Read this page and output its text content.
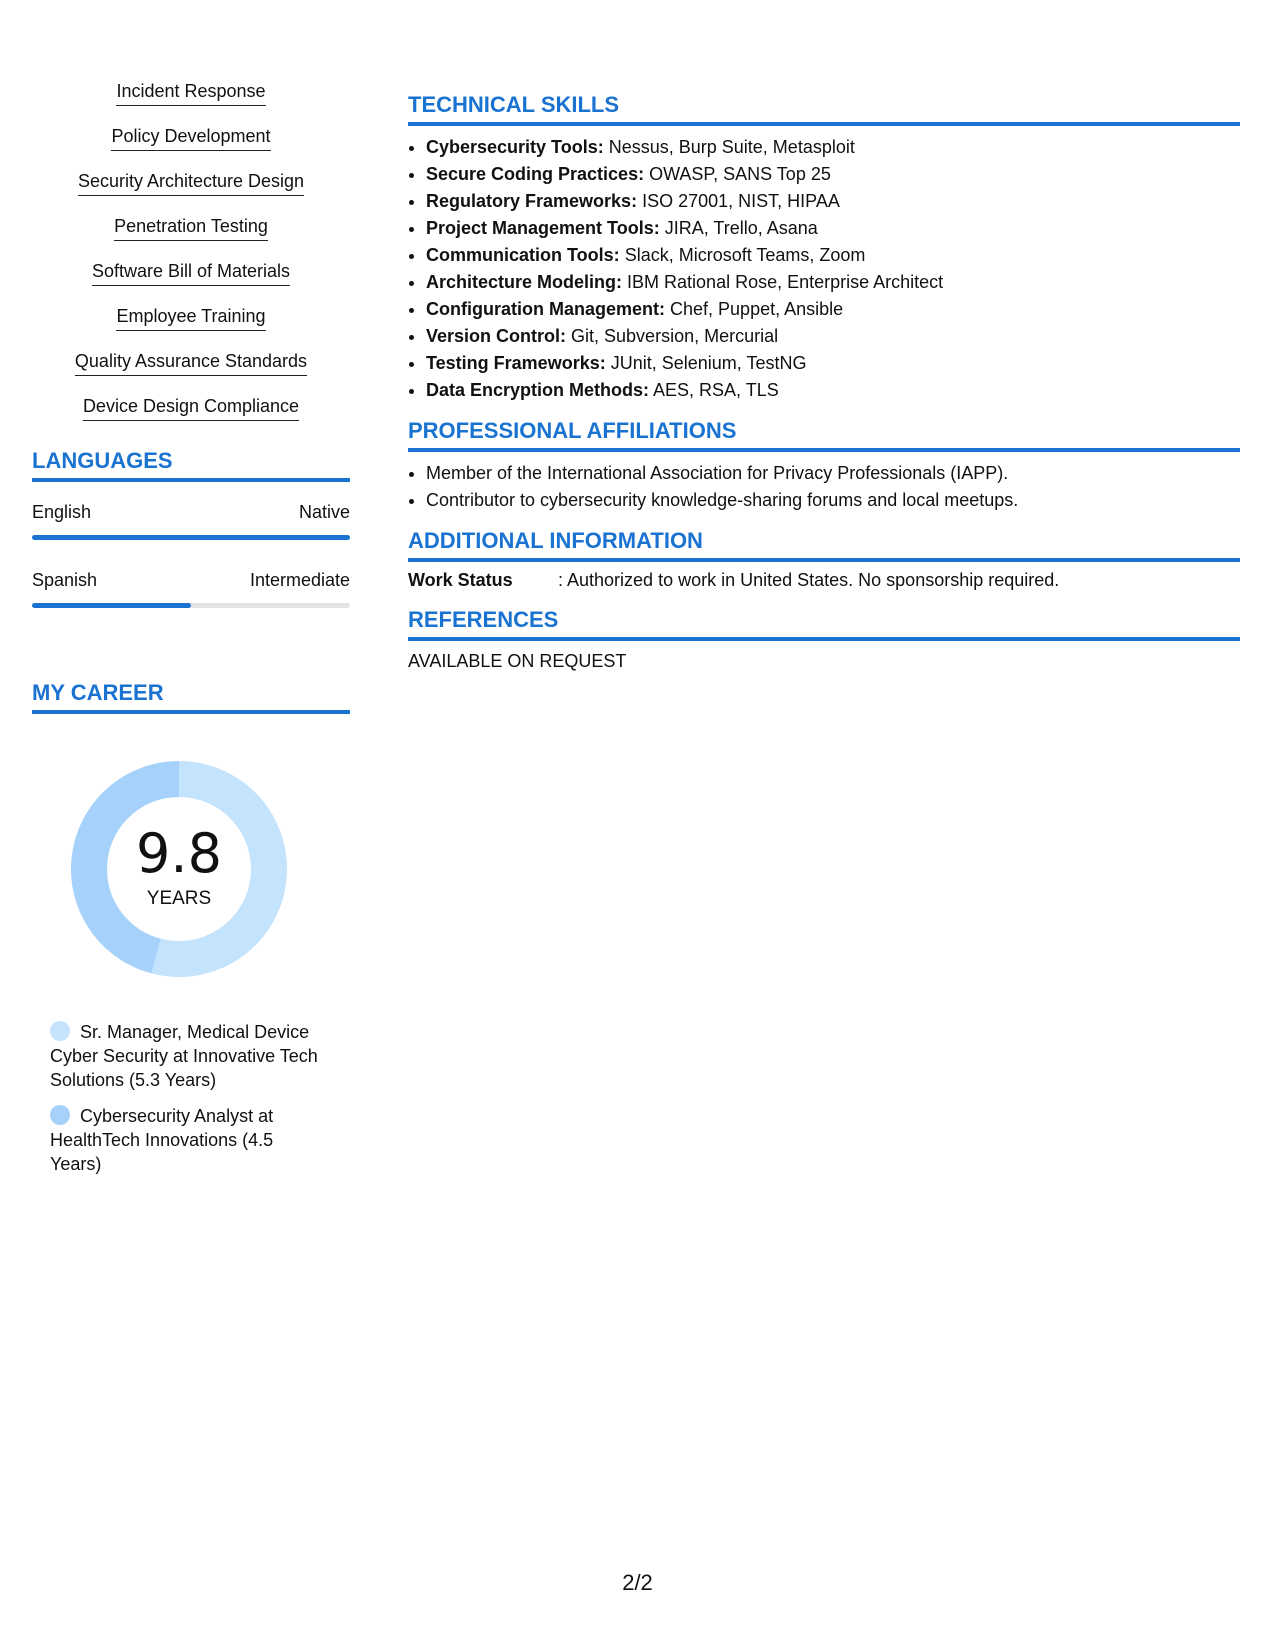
Incident Response
Policy Development
Security Architecture Design
Penetration Testing
Software Bill of Materials
Employee Training
Quality Assurance Standards
Device Design Compliance
LANGUAGES
English	Native
Spanish	Intermediate
MY CAREER
9.8
YEARS
Sr. Manager, Medical Device Cyber Security at Innovative Tech Solutions (5.3 Years)
Cybersecurity Analyst at HealthTech Innovations (4.5 Years)
TECHNICAL SKILLS
• Cybersecurity Tools: Nessus, Burp Suite, Metasploit
• Secure Coding Practices: OWASP, SANS Top 25
• Regulatory Frameworks: ISO 27001, NIST, HIPAA
• Project Management Tools: JIRA, Trello, Asana
• Communication Tools: Slack, Microsoft Teams, Zoom
• Architecture Modeling: IBM Rational Rose, Enterprise Architect
• Configuration Management: Chef, Puppet, Ansible
• Version Control: Git, Subversion, Mercurial
• Testing Frameworks: JUnit, Selenium, TestNG
• Data Encryption Methods: AES, RSA, TLS
PROFESSIONAL AFFILIATIONS
• Member of the International Association for Privacy Professionals (IAPP).
• Contributor to cybersecurity knowledge-sharing forums and local meetups.
ADDITIONAL INFORMATION
Work Status	: Authorized to work in United States. No sponsorship required.
REFERENCES
AVAILABLE ON REQUEST
2/2
